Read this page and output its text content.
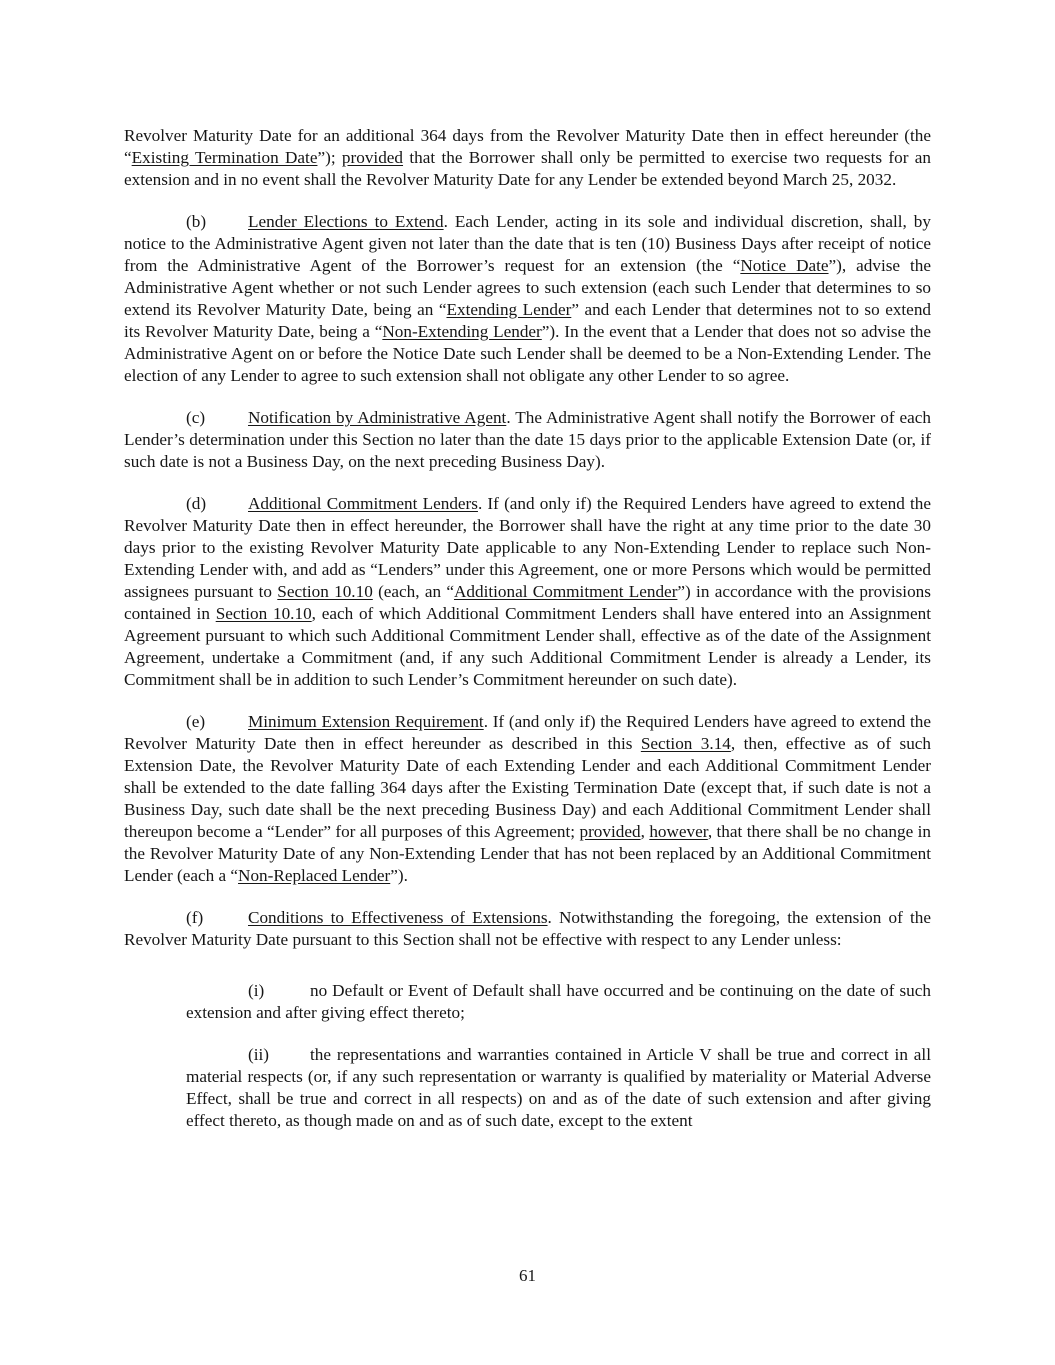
Revolver Maturity Date for an additional 364 days from the Revolver Maturity Date then in effect hereunder (the “Existing Termination Date”); provided that the Borrower shall only be permitted to exercise two requests for an extension and in no event shall the Revolver Maturity Date for any Lender be extended beyond March 25, 2032.

(b) Lender Elections to Extend. Each Lender, acting in its sole and individual discretion, shall, by notice to the Administrative Agent given not later than the date that is ten (10) Business Days after receipt of notice from the Administrative Agent of the Borrower’s request for an extension (the “Notice Date”), advise the Administrative Agent whether or not such Lender agrees to such extension (each such Lender that determines to so extend its Revolver Maturity Date, being an “Extending Lender” and each Lender that determines not to so extend its Revolver Maturity Date, being a “Non-Extending Lender”). In the event that a Lender that does not so advise the Administrative Agent on or before the Notice Date such Lender shall be deemed to be a Non-Extending Lender. The election of any Lender to agree to such extension shall not obligate any other Lender to so agree.

(c) Notification by Administrative Agent. The Administrative Agent shall notify the Borrower of each Lender’s determination under this Section no later than the date 15 days prior to the applicable Extension Date (or, if such date is not a Business Day, on the next preceding Business Day).

(d) Additional Commitment Lenders. If (and only if) the Required Lenders have agreed to extend the Revolver Maturity Date then in effect hereunder, the Borrower shall have the right at any time prior to the date 30 days prior to the existing Revolver Maturity Date applicable to any Non-Extending Lender to replace such Non-Extending Lender with, and add as “Lenders” under this Agreement, one or more Persons which would be permitted assignees pursuant to Section 10.10 (each, an “Additional Commitment Lender”) in accordance with the provisions contained in Section 10.10, each of which Additional Commitment Lenders shall have entered into an Assignment Agreement pursuant to which such Additional Commitment Lender shall, effective as of the date of the Assignment Agreement, undertake a Commitment (and, if any such Additional Commitment Lender is already a Lender, its Commitment shall be in addition to such Lender’s Commitment hereunder on such date).

(e) Minimum Extension Requirement. If (and only if) the Required Lenders have agreed to extend the Revolver Maturity Date then in effect hereunder as described in this Section 3.14, then, effective as of such Extension Date, the Revolver Maturity Date of each Extending Lender and each Additional Commitment Lender shall be extended to the date falling 364 days after the Existing Termination Date (except that, if such date is not a Business Day, such date shall be the next preceding Business Day) and each Additional Commitment Lender shall thereupon become a “Lender” for all purposes of this Agreement; provided, however, that there shall be no change in the Revolver Maturity Date of any Non-Extending Lender that has not been replaced by an Additional Commitment Lender (each a “Non-Replaced Lender”).

(f)	Conditions to Effectiveness of Extensions. Notwithstanding the foregoing, the extension of the Revolver Maturity Date pursuant to this Section shall not be effective with respect to any Lender unless:

(i)	no Default or Event of Default shall have occurred and be continuing on the date of such extension and after giving effect thereto;

(ii) the representations and warranties contained in Article V shall be true and correct in all material respects (or, if any such representation or warranty is qualified by materiality or Material Adverse Effect, shall be true and correct in all respects) on and as of the date of such extension and after giving effect thereto, as though made on and as of such date, except to the extent

61
